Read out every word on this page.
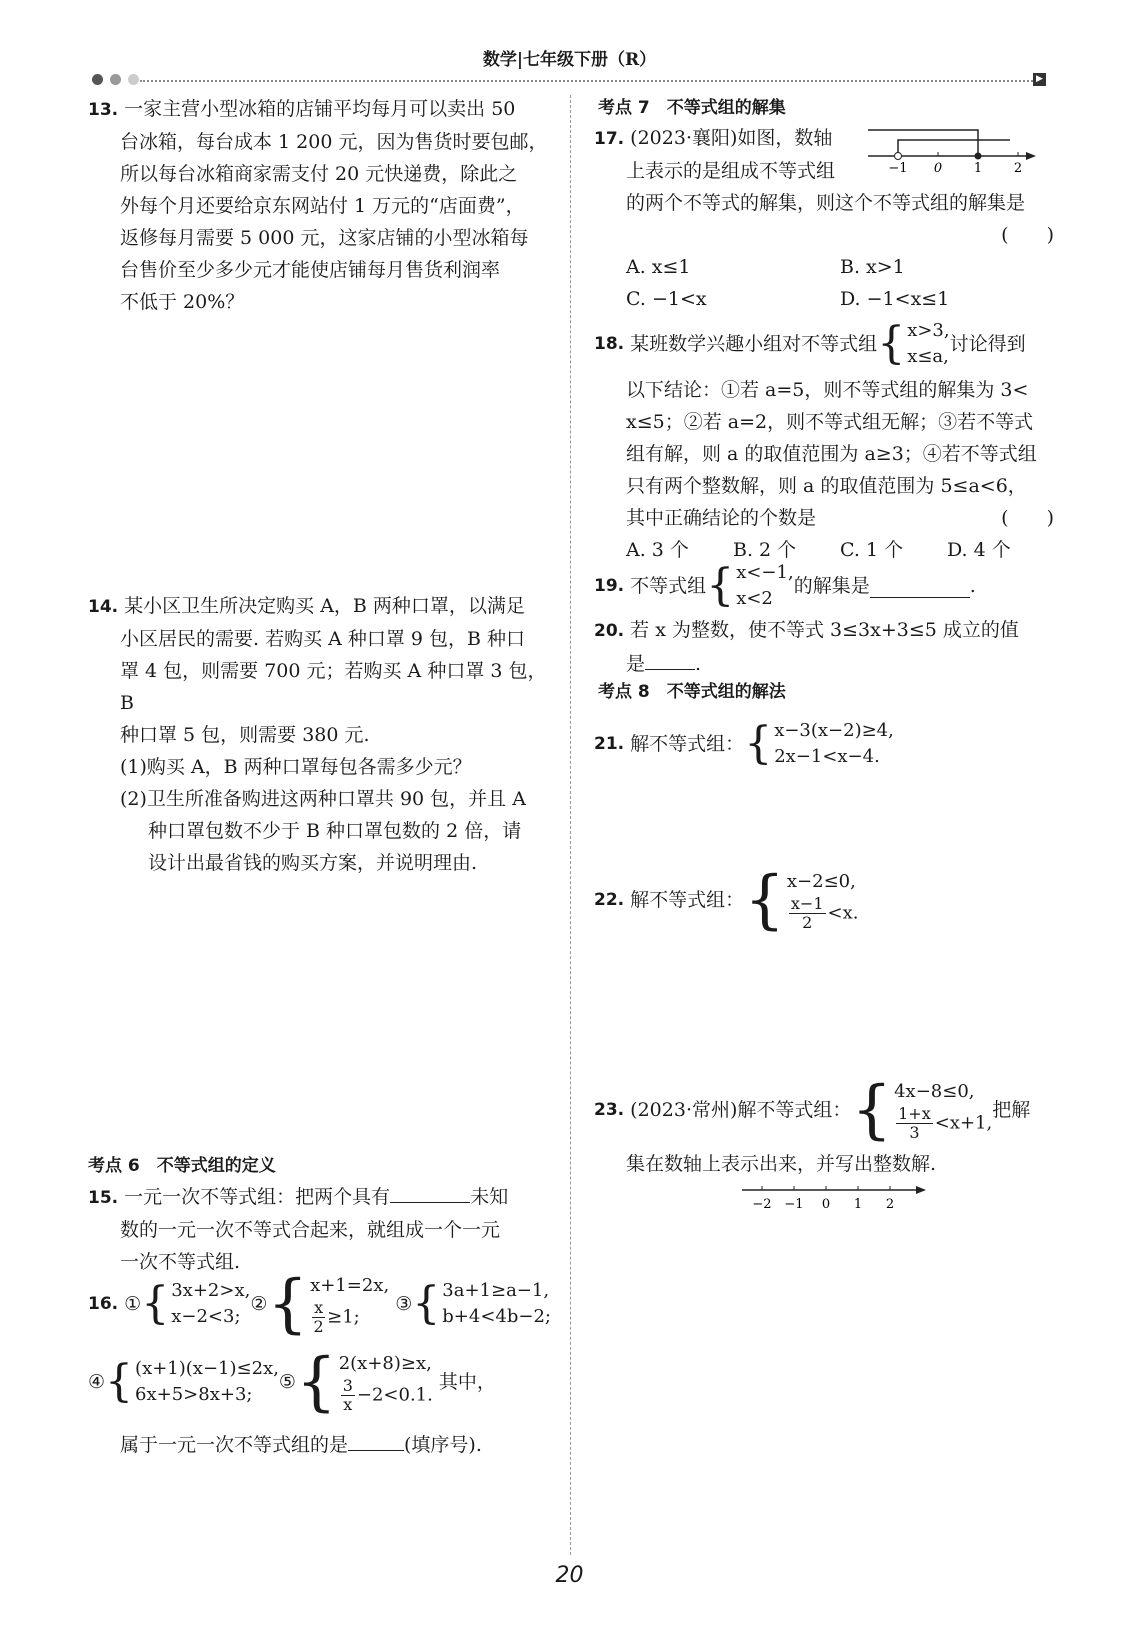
数学|七年级下册（R）
▶
13. 一家主营小型冰箱的店铺平均每月可以卖出 50
台冰箱，每台成本 1 200 元，因为售货时要包邮，
所以每台冰箱商家需支付 20 元快递费，除此之
外每个月还要给京东网站付 1 万元的“店面费”，
返修每月需要 5 000 元，这家店铺的小型冰箱每
台售价至少多少元才能使店铺每月售货利润率
不低于 20%？
14. 某小区卫生所决定购买 A，B 两种口罩，以满足
小区居民的需要. 若购买 A 种口罩 9 包，B 种口
罩 4 包，则需要 700 元；若购买 A 种口罩 3 包，B
种口罩 5 包，则需要 380 元.
(1)购买 A，B 两种口罩每包各需多少元？
(2)卫生所准备购进这两种口罩共 90 包，并且 A
种口罩包数不少于 B 种口罩包数的 2 倍，请
设计出最省钱的购买方案，并说明理由.
考点 6　不等式组的定义
15. 一元一次不等式组：把两个具有	未知
数的一元一次不等式合起来，就组成一个一元
一次不等式组.
16.
① { 3x+2>x,
x−2<3;
② { x+1=2x,
$\frac{x}{2} \ge 1$;

③ { 3a+1≥a−1,
b+4<4b−2;
④ { (x+1)(x−1)≤2x,
6x+5>8x+3;
⑤ { 2(x+8)≥x,
$\frac{3}{x} -2<0.1$.

其中，
属于一元一次不等式组的是	(填序号).
考点 7　不等式组的解集
17. (2023·襄阳)如图，数轴
上表示的是组成不等式组
的两个不等式的解集，则这个不等式组的解集是
(　　)

A. x≤1	B. x>1
C. −1<x	D. −1<x≤1
−1 0 1 2
18.
某班数学兴趣小组对不等式组 { x>3,
x≤a,
讨论得到
以下结论：①若 a=5，则不等式组的解集为 3<
x≤5；②若 a=2，则不等式组无解；③若不等式
组有解，则 a 的取值范围为 a≥3；④若不等式组
只有两个整数解，则 a 的取值范围为 5≤a<6，
其中正确结论的个数是	(　　)
A. 3 个	B. 2 个	C. 1 个	D. 4 个
19.
不等式组 { x<−1,
x<2
的解集是	.
20. 若 x 为整数，使不等式 3≤3x+3≤5 成立的值
是	.
考点 8　不等式组的解法
21.
解不等式组： { x−3(x−2)≥4,
2x−1<x−4.
22.
解不等式组： { x−2≤0,
$\frac{x-1}{2} <x$.
23.
(2023·常州)解不等式组： { 4x−8≤0,
$\frac{1+x}{3} <x+1$,
把解
集在数轴上表示出来，并写出整数解.
−2 −1 0 1 2
20
